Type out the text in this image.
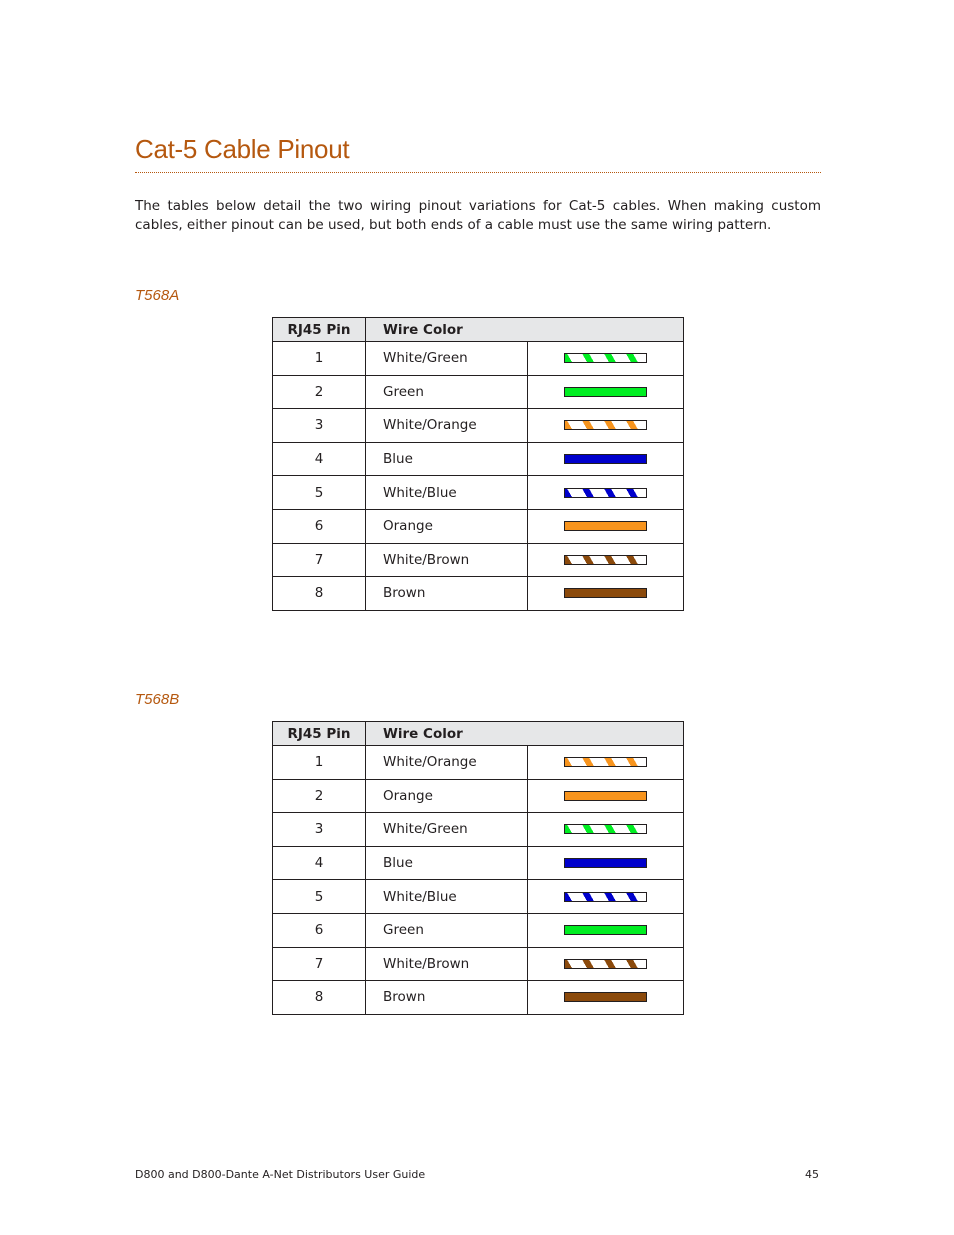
Cat-5 Cable Pinout

The tables below detail the two wiring pinout variations for Cat-5 cables. When making custom cables, either pinout can be used, but both ends of a cable must use the same wiring pattern.

T568A
RJ45 Pin	Wire Color	
1	White/Green	
2	Green	
3	White/Orange	
4	Blue	
5	White/Blue	
6	Orange	
7	White/Brown	
8	Brown	
T568B
RJ45 Pin	Wire Color	
1	White/Orange	
2	Orange	
3	White/Green	
4	Blue	
5	White/Blue	
6	Green	
7	White/Brown	
8	Brown	
D800 and D800-Dante A-Net Distributors User Guide	45
